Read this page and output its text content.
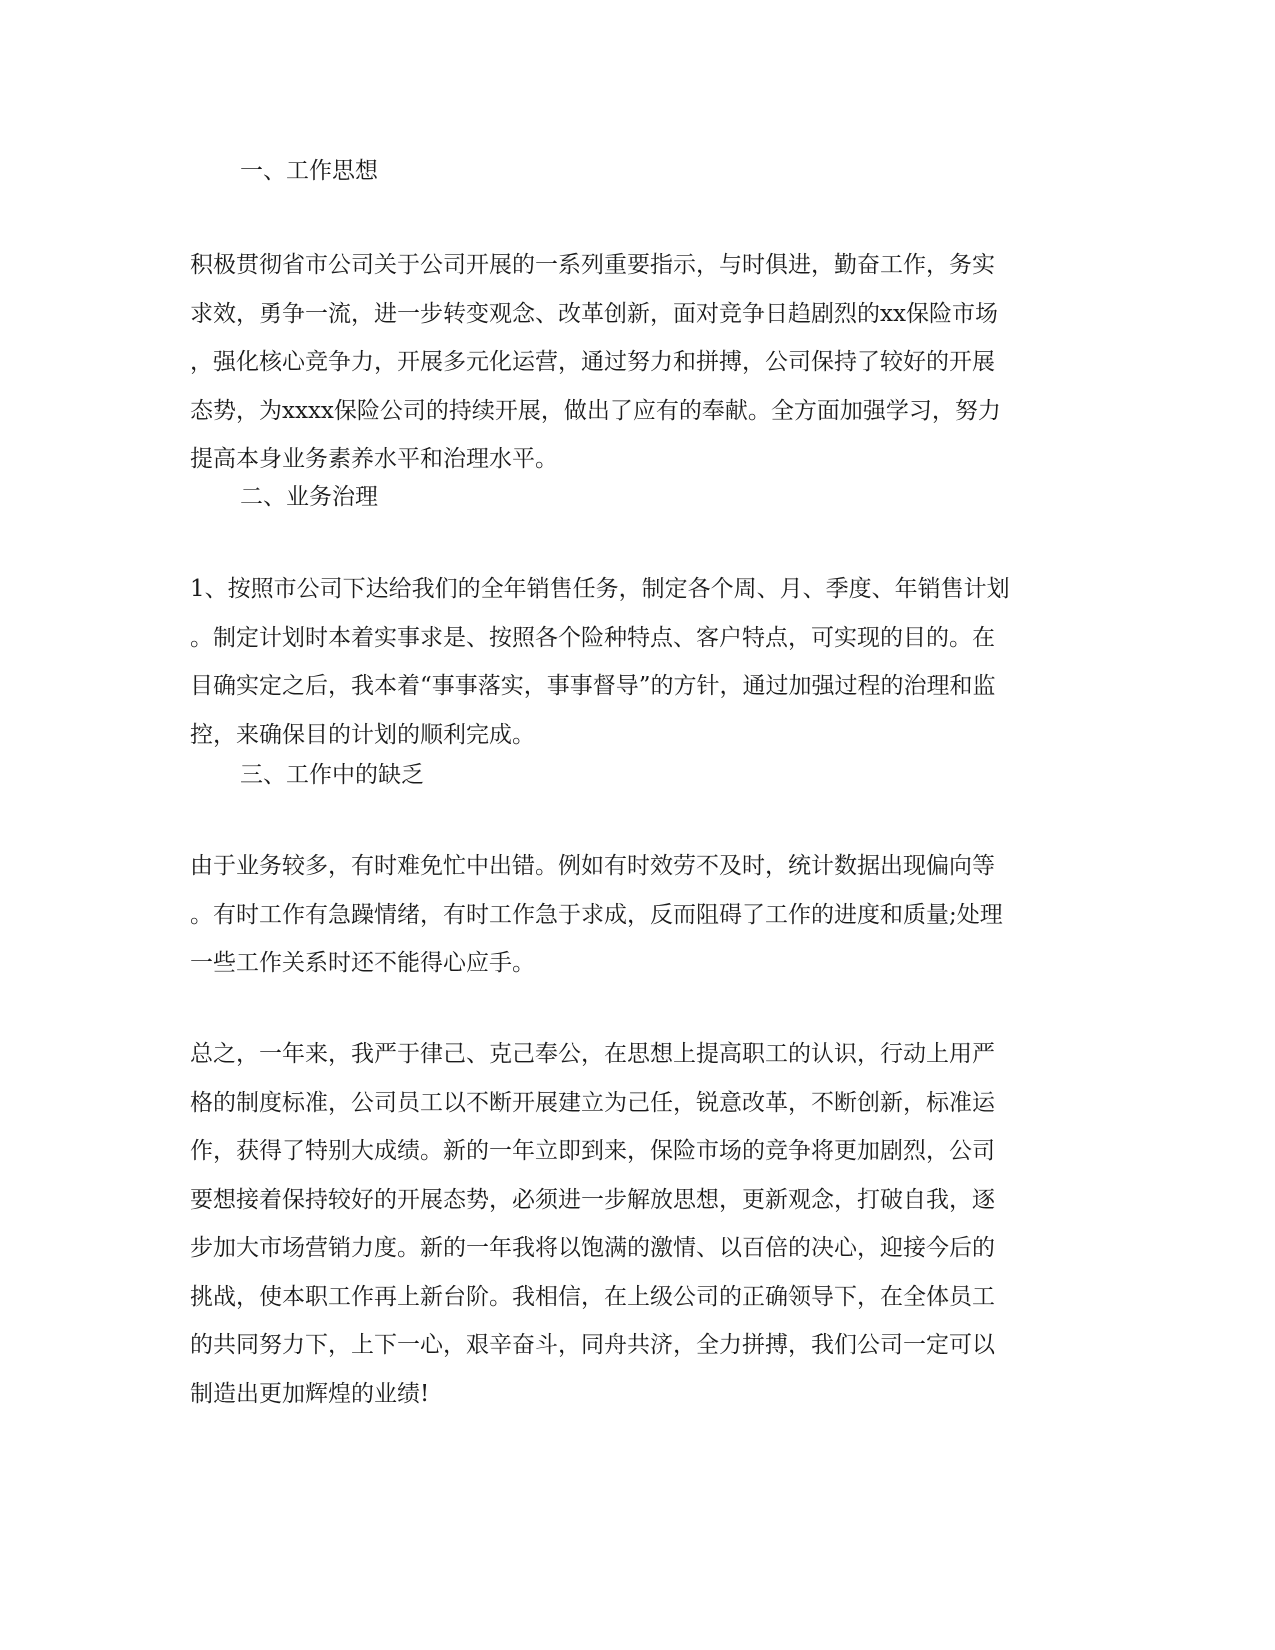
一、工作思想
积极贯彻省市公司关于公司开展的一系列重要指示，与时俱进，勤奋工作，务实
求效，勇争一流，进一步转变观念、改革创新，面对竞争日趋剧烈的xx保险市场
，强化核心竞争力，开展多元化运营，通过努力和拼搏，公司保持了较好的开展
态势，为xxxx保险公司的持续开展，做出了应有的奉献。全方面加强学习，努力
提高本身业务素养水平和治理水平。
二、业务治理
1、按照市公司下达给我们的全年销售任务，制定各个周、月、季度、年销售计划
。制定计划时本着实事求是、按照各个险种特点、客户特点，可实现的目的。在
目确实定之后，我本着“事事落实，事事督导”的方针，通过加强过程的治理和监
控，来确保目的计划的顺利完成。
三、工作中的缺乏
由于业务较多，有时难免忙中出错。例如有时效劳不及时，统计数据出现偏向等
。有时工作有急躁情绪，有时工作急于求成，反而阻碍了工作的进度和质量;处理
一些工作关系时还不能得心应手。
总之，一年来，我严于律己、克己奉公，在思想上提高职工的认识，行动上用严
格的制度标准，公司员工以不断开展建立为己任，锐意改革，不断创新，标准运
作，获得了特别大成绩。新的一年立即到来，保险市场的竞争将更加剧烈，公司
要想接着保持较好的开展态势，必须进一步解放思想，更新观念，打破自我，逐
步加大市场营销力度。新的一年我将以饱满的激情、以百倍的决心，迎接今后的
挑战，使本职工作再上新台阶。我相信，在上级公司的正确领导下，在全体员工
的共同努力下，上下一心，艰辛奋斗，同舟共济，全力拼搏，我们公司一定可以
制造出更加辉煌的业绩!
